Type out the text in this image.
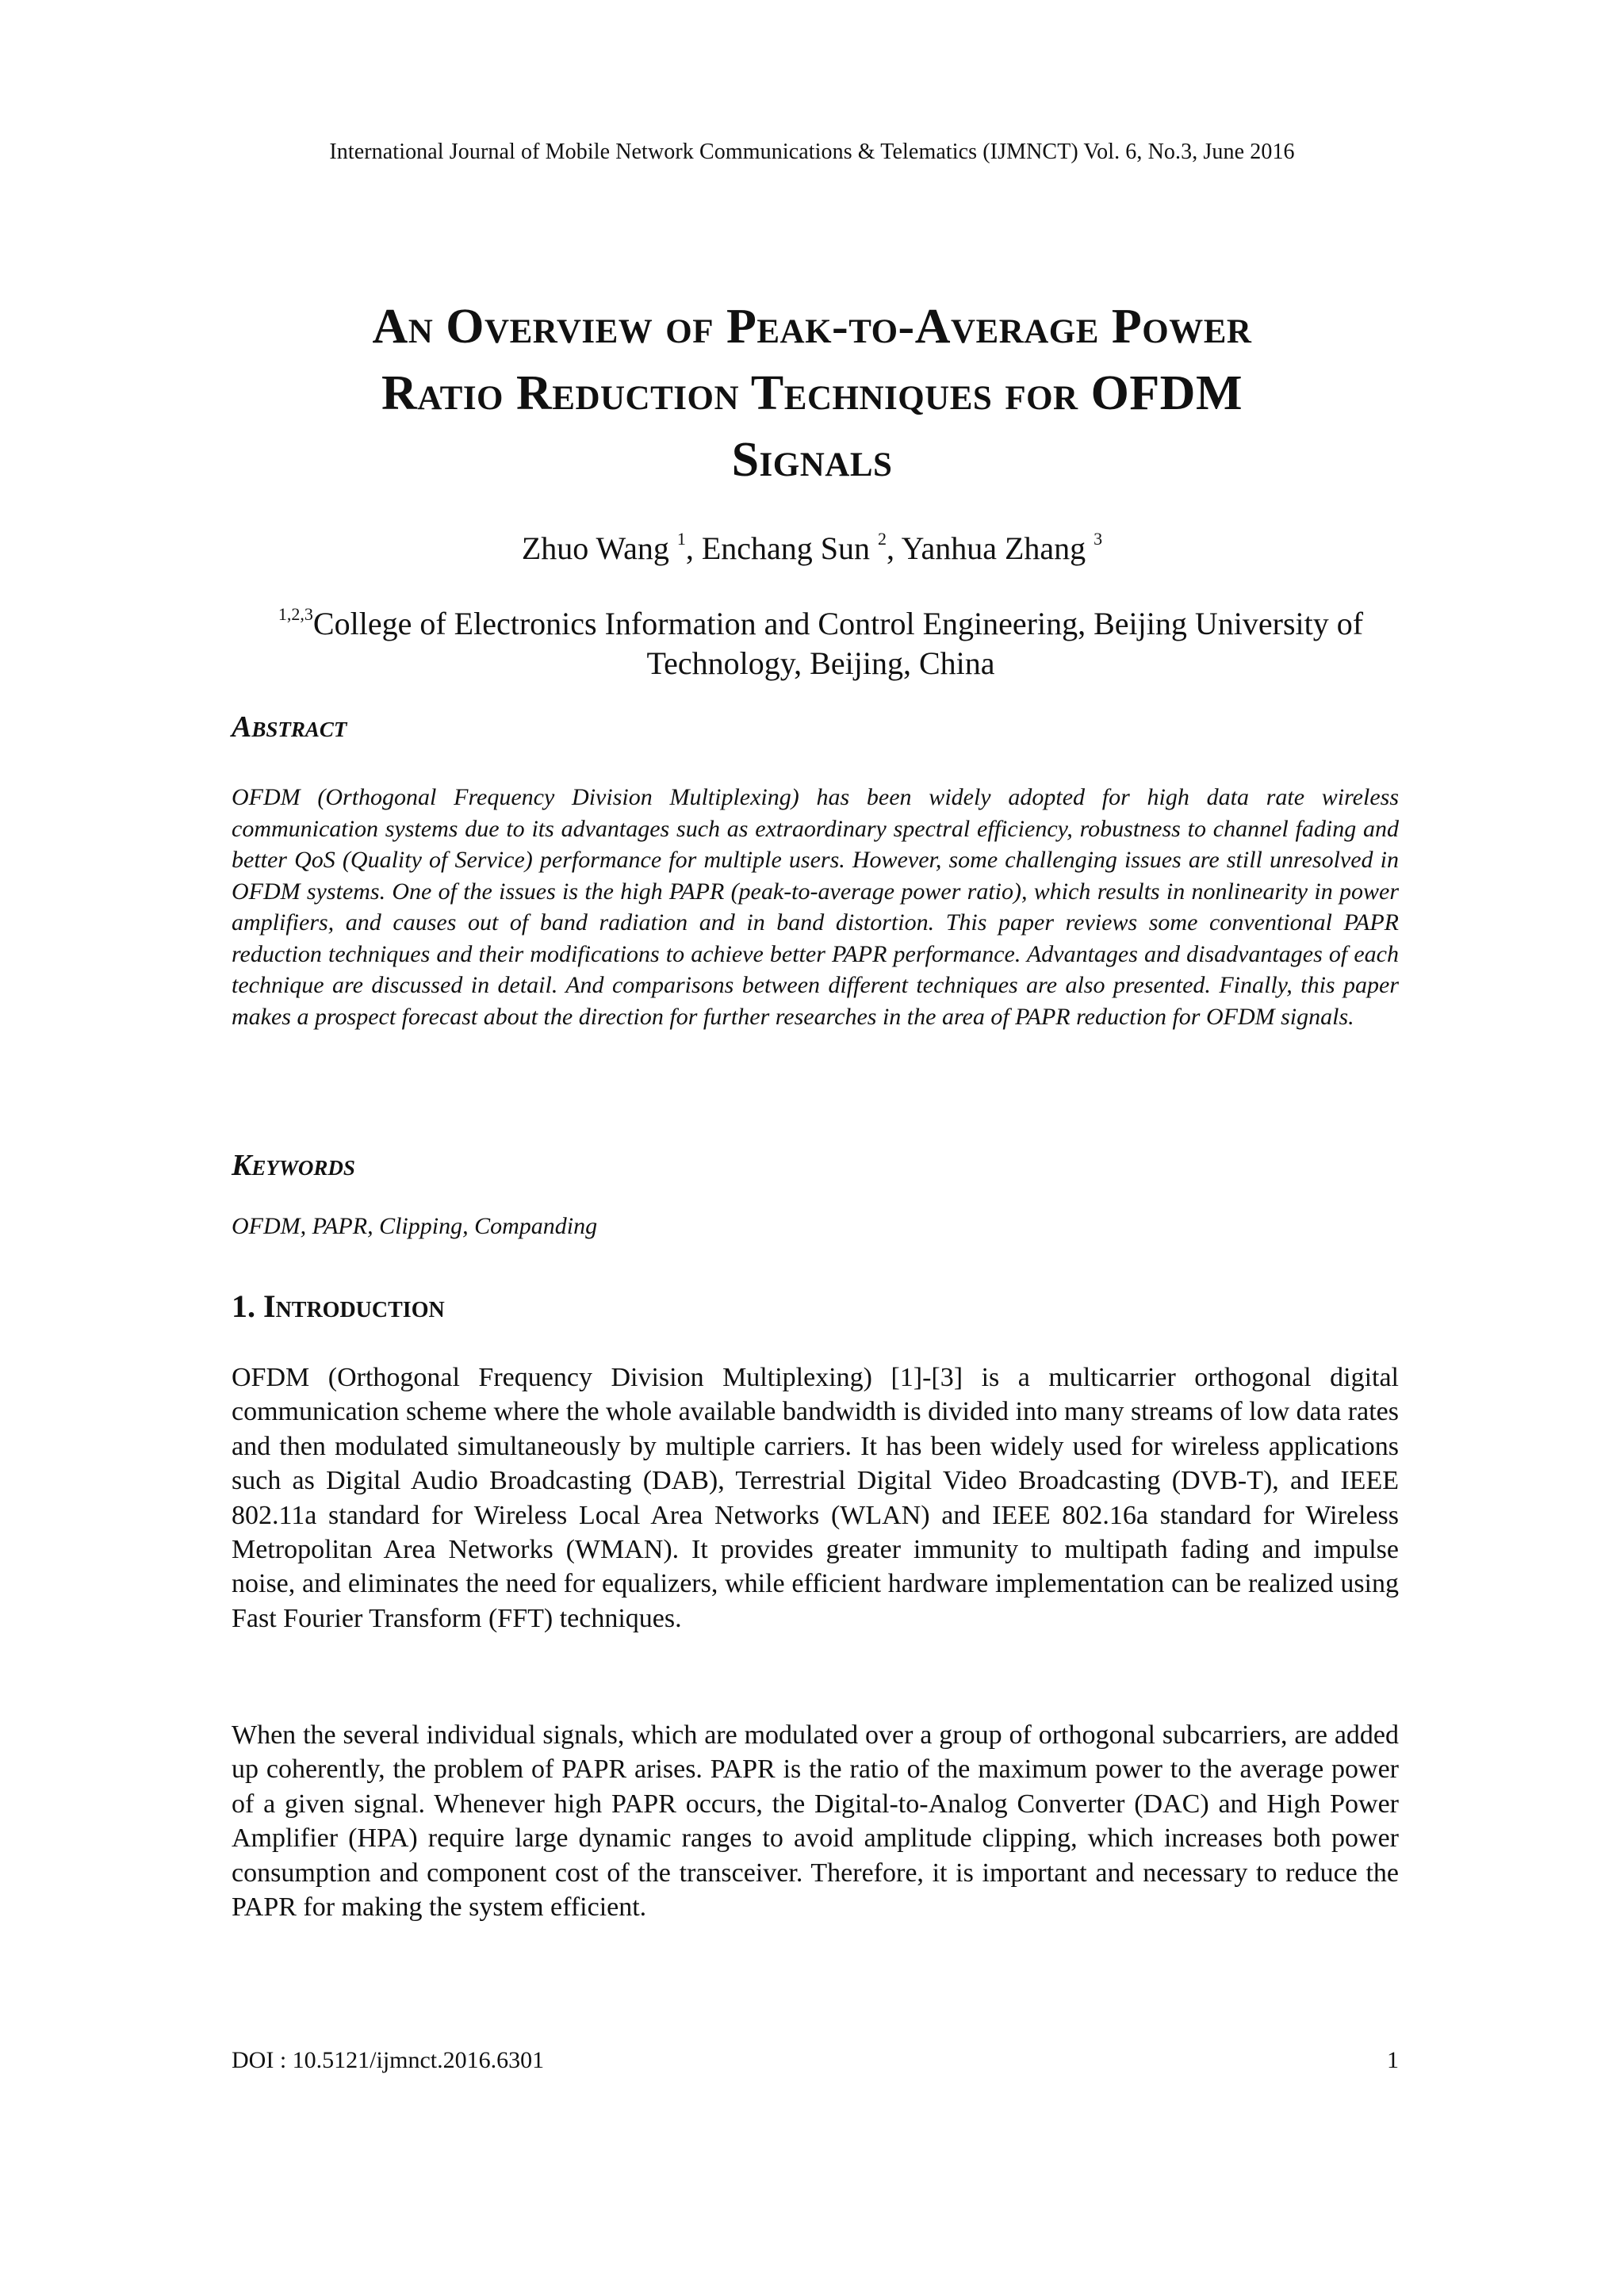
International Journal of Mobile Network Communications & Telematics (IJMNCT) Vol. 6, No.3, June 2016
An Overview of Peak-to-Average Power
Ratio Reduction Techniques for OFDM
Signals
Zhuo Wang $^1$, Enchang Sun $^2$, Yanhua Zhang $^3$
$^{1,2,3}$College of Electronics Information and Control Engineering, Beijing University of Technology, Beijing, China
Abstract
OFDM (Orthogonal Frequency Division Multiplexing) has been widely adopted for high data rate wireless communication systems due to its advantages such as extraordinary spectral efficiency, robustness to channel fading and better QoS (Quality of Service) performance for multiple users. However, some challenging issues are still unresolved in OFDM systems. One of the issues is the high PAPR (peak-to-average power ratio), which results in nonlinearity in power amplifiers, and causes out of band radiation and in band distortion. This paper reviews some conventional PAPR reduction techniques and their modifications to achieve better PAPR performance. Advantages and disadvantages of each technique are discussed in detail. And comparisons between different techniques are also presented. Finally, this paper makes a prospect forecast about the direction for further researches in the area of PAPR reduction for OFDM signals.
Keywords
OFDM, PAPR, Clipping, Companding
1. Introduction
OFDM (Orthogonal Frequency Division Multiplexing) [1]-[3] is a multicarrier orthogonal digital communication scheme where the whole available bandwidth is divided into many streams of low data rates and then modulated simultaneously by multiple carriers. It has been widely used for wireless applications such as Digital Audio Broadcasting (DAB), Terrestrial Digital Video Broadcasting (DVB-T), and IEEE 802.11a standard for Wireless Local Area Networks (WLAN) and IEEE 802.16a standard for Wireless Metropolitan Area Networks (WMAN). It provides greater immunity to multipath fading and impulse noise, and eliminates the need for equalizers, while efficient hardware implementation can be realized using Fast Fourier Transform (FFT) techniques.
When the several individual signals, which are modulated over a group of orthogonal subcarriers, are added up coherently, the problem of PAPR arises. PAPR is the ratio of the maximum power to the average power of a given signal. Whenever high PAPR occurs, the Digital-to-Analog Converter (DAC) and High Power Amplifier (HPA) require large dynamic ranges to avoid amplitude clipping, which increases both power consumption and component cost of the transceiver. Therefore, it is important and necessary to reduce the PAPR for making the system efficient.
DOI : 10.5121/ijmnct.2016.6301	1
